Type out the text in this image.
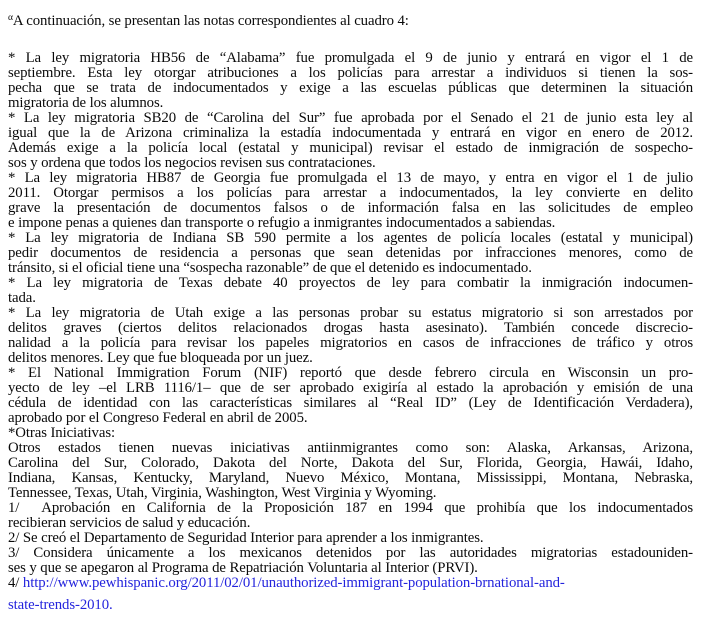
$^\alpha$A continuación, se presentan las notas correspondientes al cuadro 4:

* La ley migratoria HB56 de “Alabama” fue promulgada el 9 de junio y entrará en vigor el 1 de
septiembre. Esta ley otorgar atribuciones a los policías para arrestar a individuos si tienen la sos-
pecha que se trata de indocumentados y exige a las escuelas públicas que determinen la situación
migratoria de los alumnos.
* La ley migratoria SB20 de “Carolina del Sur” fue aprobada por el Senado el 21 de junio esta ley al
igual que la de Arizona criminaliza la estadía indocumentada y entrará en vigor en enero de 2012.
Además exige a la policía local (estatal y municipal) revisar el estado de inmigración de sospecho-
sos y ordena que todos los negocios revisen sus contrataciones.
* La ley migratoria HB87 de Georgia fue promulgada el 13 de mayo, y entra en vigor el 1 de julio
2011. Otorgar permisos a los policías para arrestar a indocumentados, la ley convierte en delito
grave la presentación de documentos falsos o de información falsa en las solicitudes de empleo
e impone penas a quienes dan transporte o refugio a inmigrantes indocumentados a sabiendas.
* La ley migratoria de Indiana SB 590 permite a los agentes de policía locales (estatal y municipal)
pedir documentos de residencia a personas que sean detenidas por infracciones menores, como de
tránsito, si el oficial tiene una “sospecha razonable” de que el detenido es indocumentado.
* La ley migratoria de Texas debate 40 proyectos de ley para combatir la inmigración indocumen-
tada.
* La ley migratoria de Utah exige a las personas probar su estatus migratorio si son arrestados por
delitos graves (ciertos delitos relacionados drogas hasta asesinato). También concede discrecio-
nalidad a la policía para revisar los papeles migratorios en casos de infracciones de tráfico y otros
delitos menores. Ley que fue bloqueada por un juez.
* El National Immigration Forum (NIF) reportó que desde febrero circula en Wisconsin un pro-
yecto de ley –el LRB 1116/1– que de ser aprobado exigiría al estado la aprobación y emisión de una
cédula de identidad con las características similares al “Real ID” (Ley de Identificación Verdadera),
aprobado por el Congreso Federal en abril de 2005.
*Otras Iniciativas:
Otros estados tienen nuevas iniciativas antiinmigrantes como son: Alaska, Arkansas, Arizona,
Carolina del Sur, Colorado, Dakota del Norte, Dakota del Sur, Florida, Georgia, Hawái, Idaho,
Indiana, Kansas, Kentucky, Maryland, Nuevo México, Montana, Mississippi, Montana, Nebraska,
Tennessee, Texas, Utah, Virginia, Washington, West Virginia y Wyoming.
1/  Aprobación en California de la Proposición 187 en 1994 que prohibía que los indocumentados
recibieran servicios de salud y educación.
2/ Se creó el Departamento de Seguridad Interior para aprender a los inmigrantes.
3/ Considera únicamente a los mexicanos detenidos por las autoridades migratorias estadouniden-
ses y que se apegaron al Programa de Repatriación Voluntaria al Interior (PRVI).
4/ http://www.pewhispanic.org/2011/02/01/unauthorized-immigrant-population-brnational-and-
state-trends-2010.
